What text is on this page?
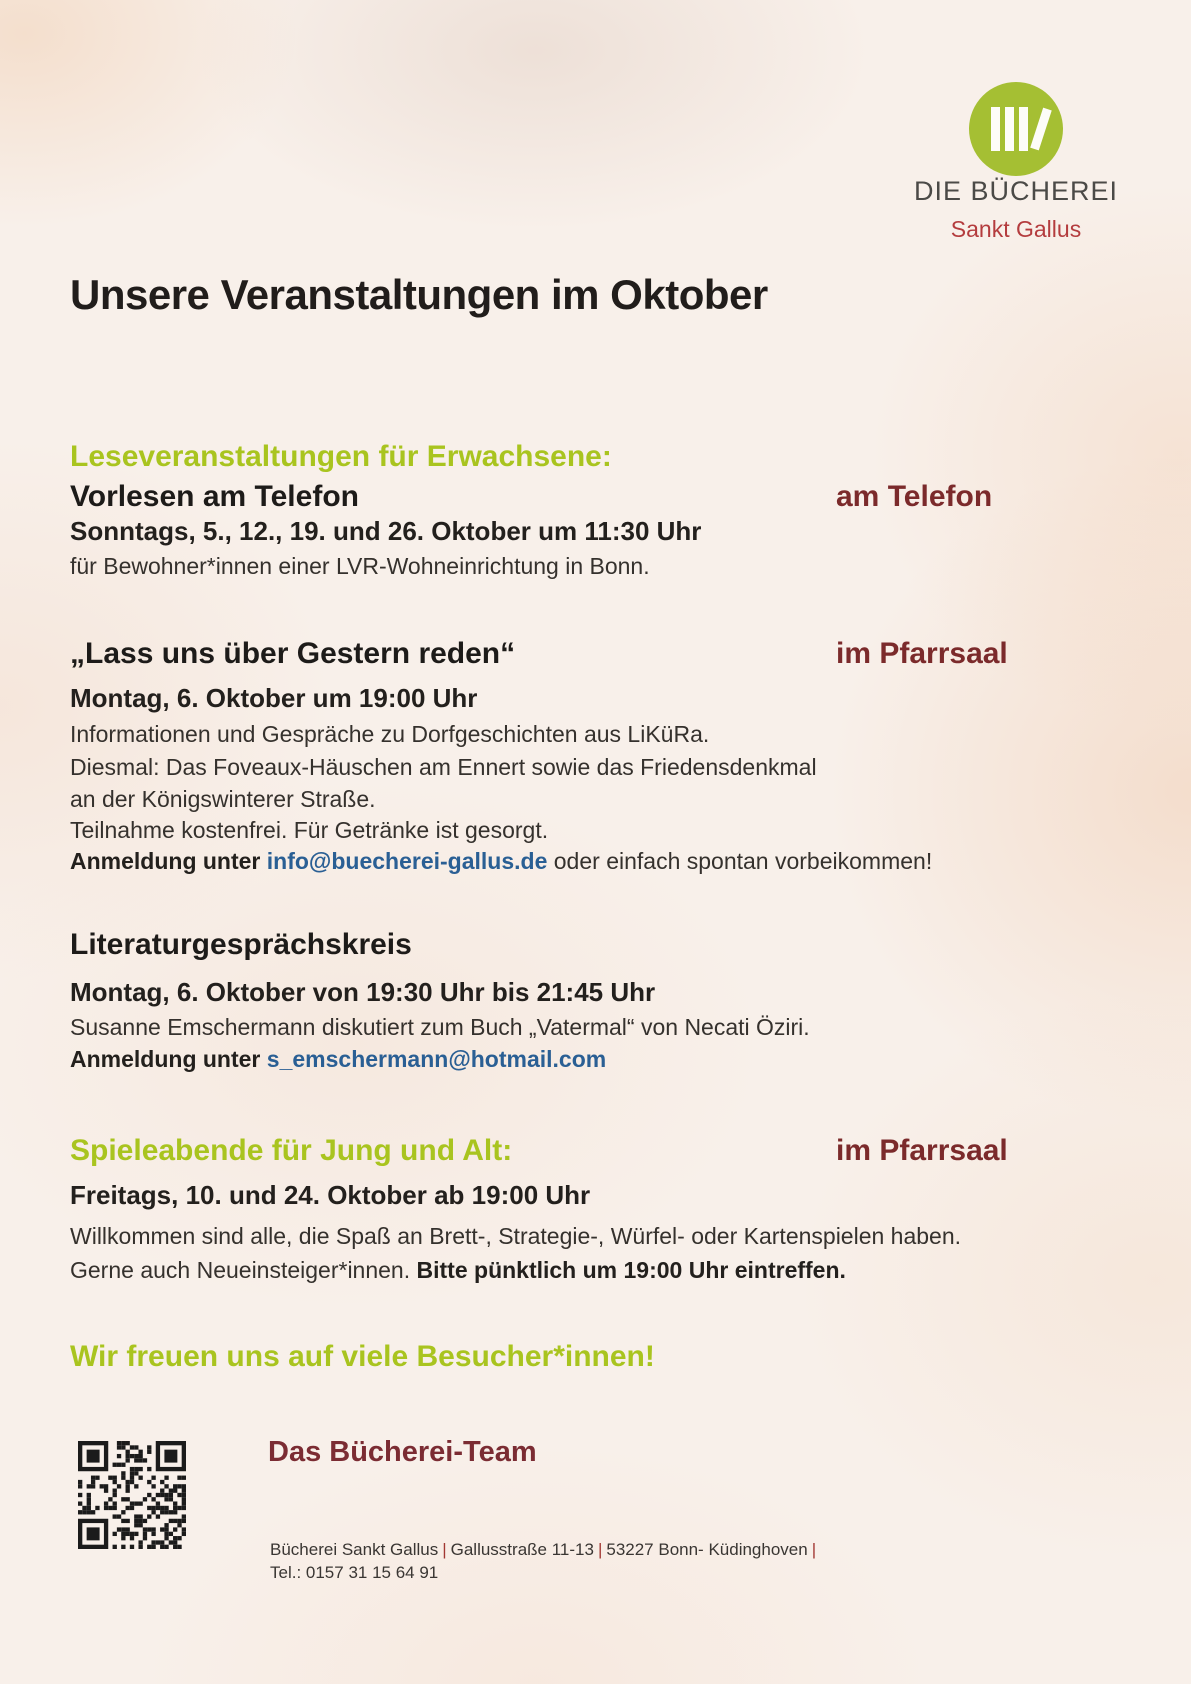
DIE BÜCHEREI
Sankt Gallus
Unsere Veranstaltungen im Oktober
Leseveranstaltungen für Erwachsene:
Vorlesen am Telefon	am Telefon
Sonntags, 5., 12., 19. und 26. Oktober um 11:30 Uhr
für Bewohner*innen einer LVR-Wohneinrichtung in Bonn.
„Lass uns über Gestern reden“	im Pfarrsaal
Montag, 6. Oktober um 19:00 Uhr
Informationen und Gespräche zu Dorfgeschichten aus LiKüRa.
Diesmal: Das Foveaux-Häuschen am Ennert sowie das Friedensdenkmal
an der Königswinterer Straße.
Teilnahme kostenfrei. Für Getränke ist gesorgt.
Anmeldung unter info@buecherei-gallus.de oder einfach spontan vorbeikommen!
Literaturgesprächskreis
Montag, 6. Oktober von 19:30 Uhr bis 21:45 Uhr
Susanne Emschermann diskutiert zum Buch „Vatermal“ von Necati Öziri.
Anmeldung unter s_emschermann@hotmail.com
Spieleabende für Jung und Alt:	im Pfarrsaal
Freitags, 10. und 24. Oktober ab 19:00 Uhr
Willkommen sind alle, die Spaß an Brett-, Strategie-, Würfel- oder Kartenspielen haben.
Gerne auch Neueinsteiger*innen. Bitte pünktlich um 19:00 Uhr eintreffen.
Wir freuen uns auf viele Besucher*innen!
Das Bücherei-Team
Bücherei Sankt Gallus | Gallusstraße 11-13 | 53227 Bonn- Küdinghoven |
Tel.: 0157 31 15 64 91
